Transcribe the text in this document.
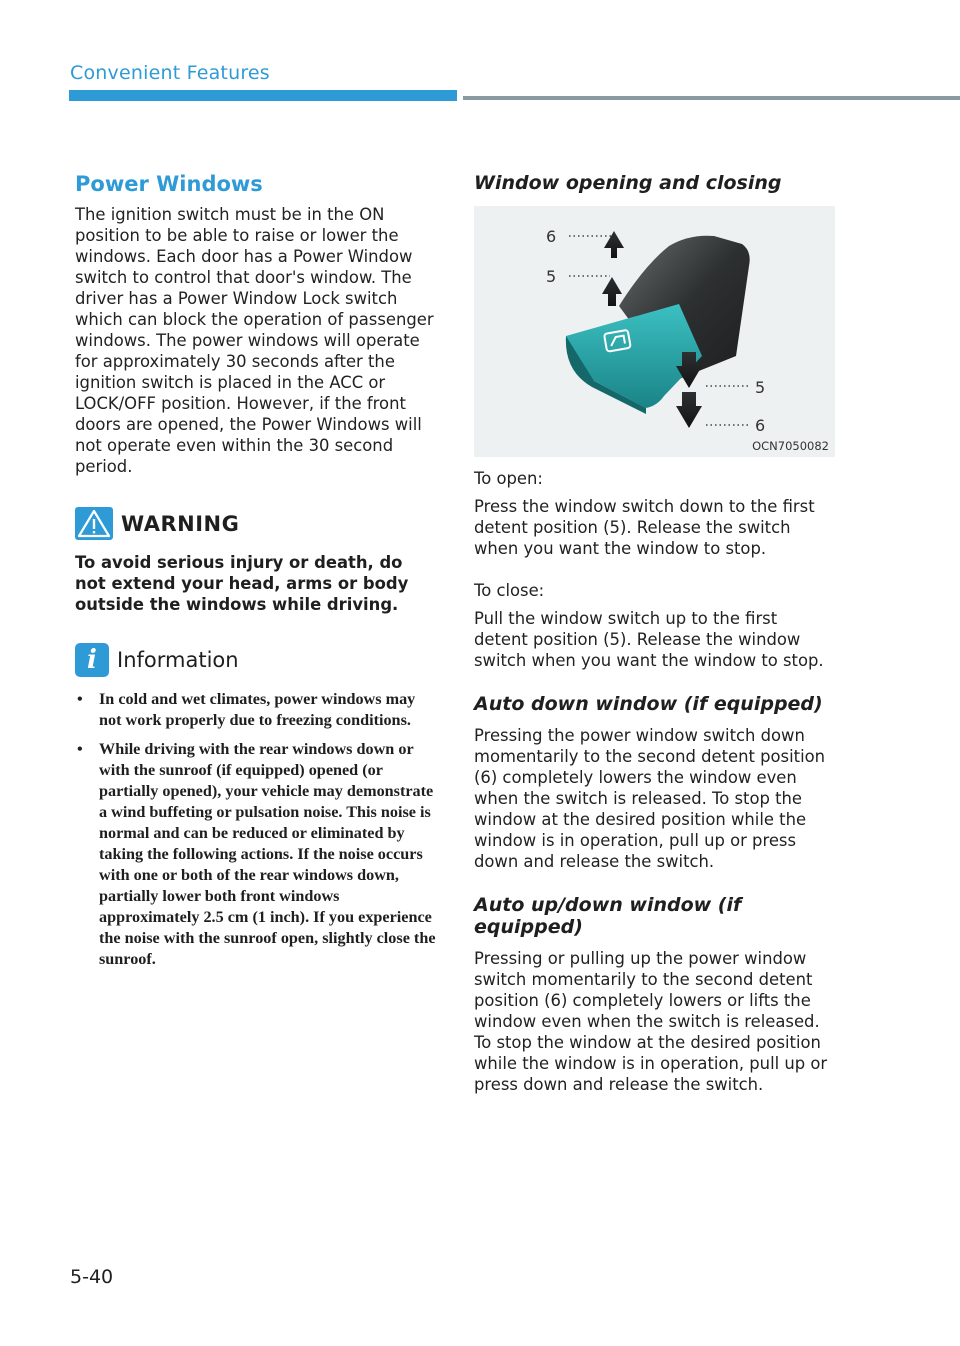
Convenient Features
Power Windows

The ignition switch must be in the ON position to be able to raise or lower the windows. Each door has a Power Window switch to control that door's window. The driver has a Power Window Lock switch which can block the operation of passenger windows. The power windows will operate for approximately 30 seconds after the ignition switch is placed in the ACC or LOCK/OFF position. However, if the front doors are opened, the Power Windows will not operate even within the 30 second period.

WARNING

To avoid serious injury or death, do not extend your head, arms or body outside the windows while driving.

i Information
• In cold and wet climates, power windows may not work properly due to freezing conditions.
• While driving with the rear windows down or with the sunroof (if equipped) opened (or partially opened), your vehicle may demonstrate a wind buffeting or pulsation noise. This noise is normal and can be reduced or eliminated by taking the following actions. If the noise occurs with one or both of the rear windows down, partially lower both front windows approximately 2.5 cm (1 inch). If you experience the noise with the sunroof open, slightly close the sunroof.
Window opening and closing
6
5
5
6
OCN7050082
To open:

Press the window switch down to the first detent position (5). Release the switch when you want the window to stop.

To close:

Pull the window switch up to the first detent position (5). Release the window switch when you want the window to stop.

Auto down window (if equipped)

Pressing the power window switch down momentarily to the second detent position (6) completely lowers the window even when the switch is released. To stop the window at the desired position while the window is in operation, pull up or press down and release the switch.

Auto up/down window (if equipped)

Pressing or pulling up the power window switch momentarily to the second detent position (6) completely lowers or lifts the window even when the switch is released. To stop the window at the desired position while the window is in operation, pull up or press down and release the switch.

5-40
